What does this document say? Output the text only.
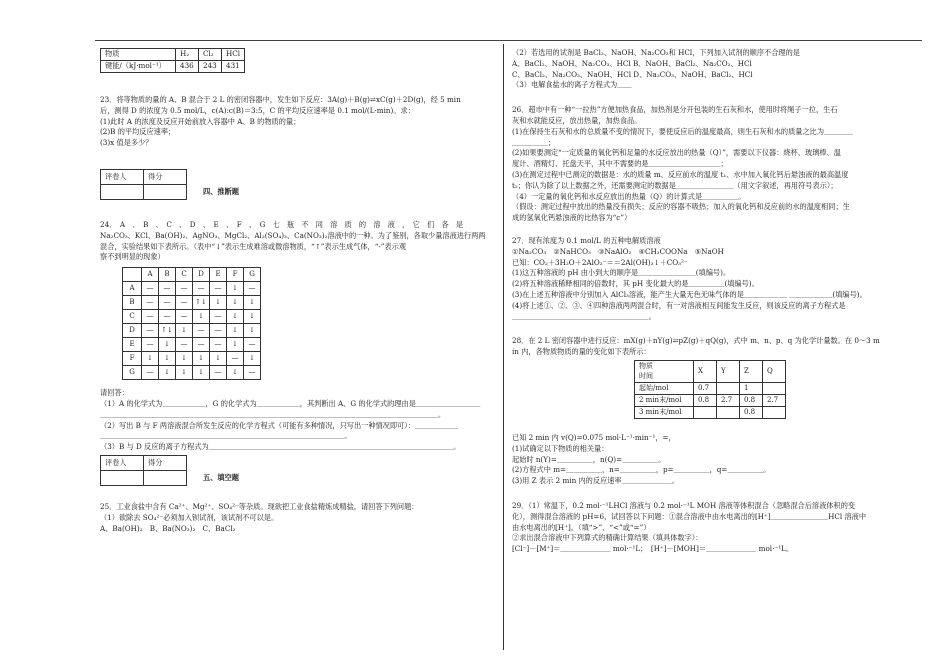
物质	H₂	Cl₂	HCl
键能/（kJ·mol⁻¹）	436	243	431

23．将等物质的量的 A、B 混合于 2 L 的密闭容器中，发生如下反应：3A(g)＋B(g)⇌xC(g)＋2D(g)，经 5 min

后，测得 D 的浓度为 0.5 mol/L，c(A):c(B)＝3:5，C 的平均反应速率是 0.1 mol/(L·min)。求：

(1)此时 A 的浓度及反应开始前放入容器中 A、B 的物质的量；

(2)B 的平均反应速率；

(3)x 值是多少？

评卷人	得分

四、推断题

24．　A　、　B　、　C　、　D　、　E　、　F　、　G　七　瓶　不　同　溶　质　的　溶　液　，　它　们　各　是

Na₂CO₃、KCl、Ba(OH)₂、AgNO₃、MgCl₂、Al₂(SO₄)₃、Ca(NO₃)₂溶液中的一种。为了鉴别，各取少量溶液进行两两

混合，实验结果如下表所示。（表中“↓”表示生成难溶或微溶物质，“↑”表示生成气体，“-”表示观

察不到明显的现象）

	A	B	C	D	E	F	G
A	—	—	—	—	—	↓	—
B	—	—	—	↑↓	↓	↓	↓
C	—	—	—	↓	—	↓	↓
D	—	↑↓	↓	—	—	↓	↓
E	—	↓	—	—	—	↓	—
F	↓	↓	↓	↓	↓	—	↓
G	—	↓	↓	↓	—	↓	—

请回答：

（1）A 的化学式为＿＿＿＿＿＿，G 的化学式为＿＿＿＿＿＿，其判断出 A、G 的化学式的理由是＿＿＿＿＿＿＿＿＿

＿＿＿＿＿＿＿＿＿＿＿＿＿＿＿＿＿＿＿＿＿＿＿＿＿＿＿＿＿＿＿＿＿＿＿＿＿＿＿＿＿＿＿＿＿＿＿。

（2）写出 B 与 F 两溶液混合所发生反应的化学方程式（可能有多种情况，只写出一种情况即可）：＿＿＿＿＿＿

＿＿＿＿＿＿＿＿＿＿＿＿＿＿＿＿＿＿＿＿＿＿＿＿＿＿＿＿＿＿＿＿＿＿。

（3）B 与 D 反应的离子方程式为＿＿＿＿＿＿＿＿＿＿＿＿＿＿＿＿＿＿＿＿＿＿＿＿＿＿＿＿＿＿＿＿＿＿。

评卷人	得分

五、填空题

25．工业食盐中含有 Ca²⁺、Mg²⁺、SO₄²⁻等杂质。现欲把工业食盐精炼成精盐，请回答下列问题：

（1）欲除去 SO₄²⁻必须加入钡试剂，该试剂不可以是。

A、Ba(OH)₂　B、Ba(NO₃)₂　C、BaCl₂

（2）若选用的试剂是 BaCl₂、NaOH、Na₂CO₃和 HCl，下列加入试剂的顺序不合理的是

A、BaCl₂、NaOH、Na₂CO₃、HCl B、NaOH、BaCl₂、Na₂CO₃、HCl

C、BaCl₂、Na₂CO₃、NaOH、HCl D、Na₂CO₃、NaOH、BaCl₂、HCl

（3）电解食盐水的离子方程式为＿＿

26．超市中有一种“一拉热”方便加热食品，加热剂是分开包装的生石灰和水，使用时将绳子一拉，生石

灰和水就能反应，放出热量，加热食品。

(1)在保持生石灰和水的总质量不变的情况下，要使反应后的温度最高，则生石灰和水的质量之比为＿＿＿＿

＿＿＿＿＿；

(2)如果要测定“一定质量的氧化钙和足量的水反应放出的热量（Q）”，需要以下仪器：烧杯、玻璃棒、温

度计、酒精灯、托盘天平，其中不需要的是＿＿＿＿＿＿＿＿＿＿；

(3)在测定过程中已测定的数据是：水的质量 m、反应前水的温度 t₁、水中加入氧化钙后悬浊液的最高温度

t₂；你认为除了以上数据之外，还需要测定的数据是＿＿＿＿＿＿＿＿（用文字叙述，再用符号表示）；

（4）一定量的氧化钙和水反应放出的热量（Q）的计算式是＿＿＿＿＿。

（假设：测定过程中放出的热量没有损失；反应的容器不吸热；加入的氧化钙和反应前的水的温度相同；生

成的氢氧化钙悬浊液的比热容为“c”）

27．现有浓度为 0.1 mol/L 的五种电解质溶液

①Na₂CO₃　②NaHCO₃　③NaAlO₂　④CH₃COONa　⑤NaOH

已知：CO₂＋3H₂O＋2AlO₂⁻＝＝2Al(OH)₃↓＋CO₃²⁻

(1)这五种溶液的 pH 由小到大的顺序是＿＿＿＿＿＿＿＿(填编号)。

(2)将五种溶液稀释相同的倍数时，其 pH 变化最大的是＿＿＿＿＿(填编号)。

(3)在上述五种溶液中分别加入 AlCl₃溶液，能产生大量无色无味气体的是＿＿＿＿＿＿ ＿＿＿＿＿＿(填编号)。

(4)将上述①、②、③、④四种溶液两两混合时，有一对溶液相互间能发生反应，则该反应的离子方程式是

＿＿＿＿＿＿＿＿＿＿＿＿＿＿＿＿＿＿＿。

28．在 2 L 密闭容器中进行反应：mX(g)＋nY(g)⇌pZ(g)＋qQ(g)，式中 m、n、p、q 为化学计量数。在 0～3 m

in 内，各物质物质的量的变化如下表所示：

物质
时间	X	Y	Z	Q
起始/mol	0.7		1	
2 min末/mol	0.8	2.7	0.8	2.7
3 min末/mol			0.8	

已知 2 min 内 v(Q)=0.075 mol·L⁻¹·min⁻¹，=，

(1)试确定以下物质的相关量：

起始时 n(Y)=＿＿＿＿＿，n(Q)=＿＿＿＿＿。

(2)方程式中 m=＿＿＿＿＿，n=＿＿＿＿＿，p=＿＿＿＿＿，q=＿＿＿＿＿。

(3)用 Z 表示 2 min 内的反应速率＿＿＿＿＿＿＿。

29．（1）常温下，0.2 mol·⁻¹LHCl 溶液与 0.2 mol·⁻¹L MOH 溶液等体积混合（忽略混合后溶液体积的变

化），测得混合溶液的 pH=6，试回答以下问题：①混合溶液中由水电离出的[H⁺]＿＿＿＿＿＿＿＿HCl 溶液中

由水电离出的[H⁺]。（填“>”、“<”或“=”）

②求出混合溶液中下列算式的精确计算结果（填具体数字）：

[Cl⁻]－[M⁺]＝＿＿＿＿＿＿＿ mol·⁻¹L；　[H⁺]－[MOH]＝＿＿＿＿＿＿＿ mol·⁻¹L。
